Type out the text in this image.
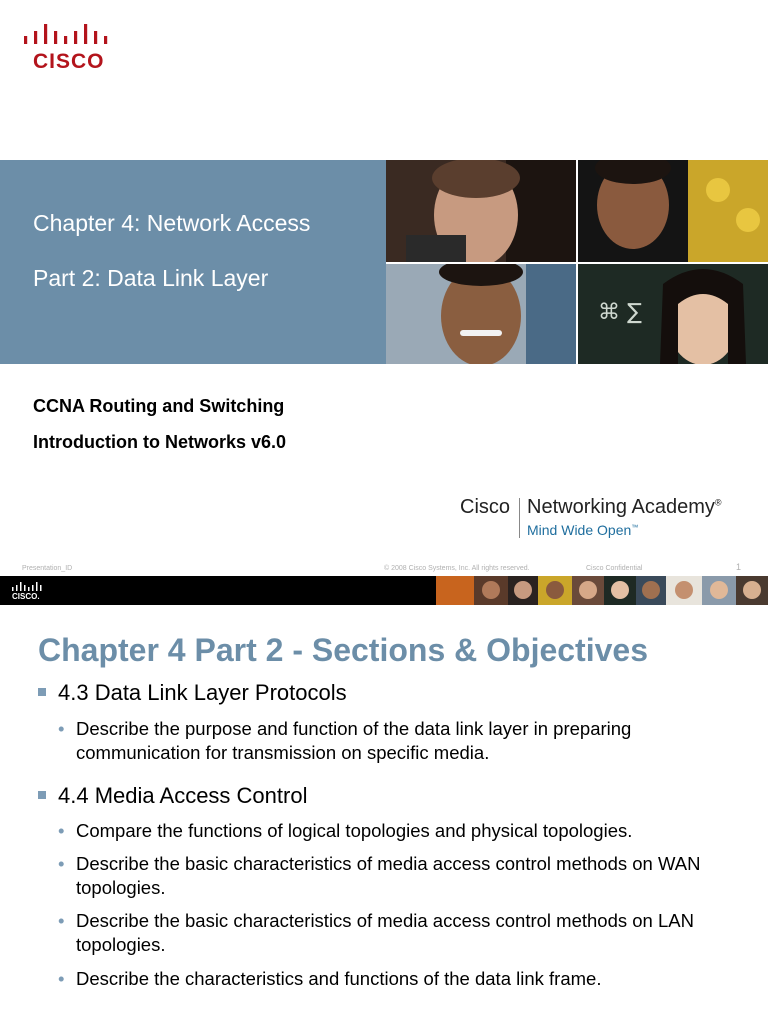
CISCO
Chapter 4: Network Access
Part 2: Data Link Layer
⌘ ∑
CCNA Routing and Switching
Introduction to Networks v6.0
Cisco Networking Academy®
Mind Wide Open™
Presentation_ID	© 2008 Cisco Systems, Inc. All rights reserved.	Cisco Confidential	1
CISCO.
Chapter 4 Part 2 - Sections & Objectives
4.3 Data Link Layer Protocols
• Describe the purpose and function of the data link layer in preparing communication for transmission on specific media.
4.4 Media Access Control
• Compare the functions of logical topologies and physical topologies.
• Describe the basic characteristics of media access control methods on WAN topologies.
• Describe the basic characteristics of media access control methods on LAN topologies.
• Describe the characteristics and functions of the data link frame.
